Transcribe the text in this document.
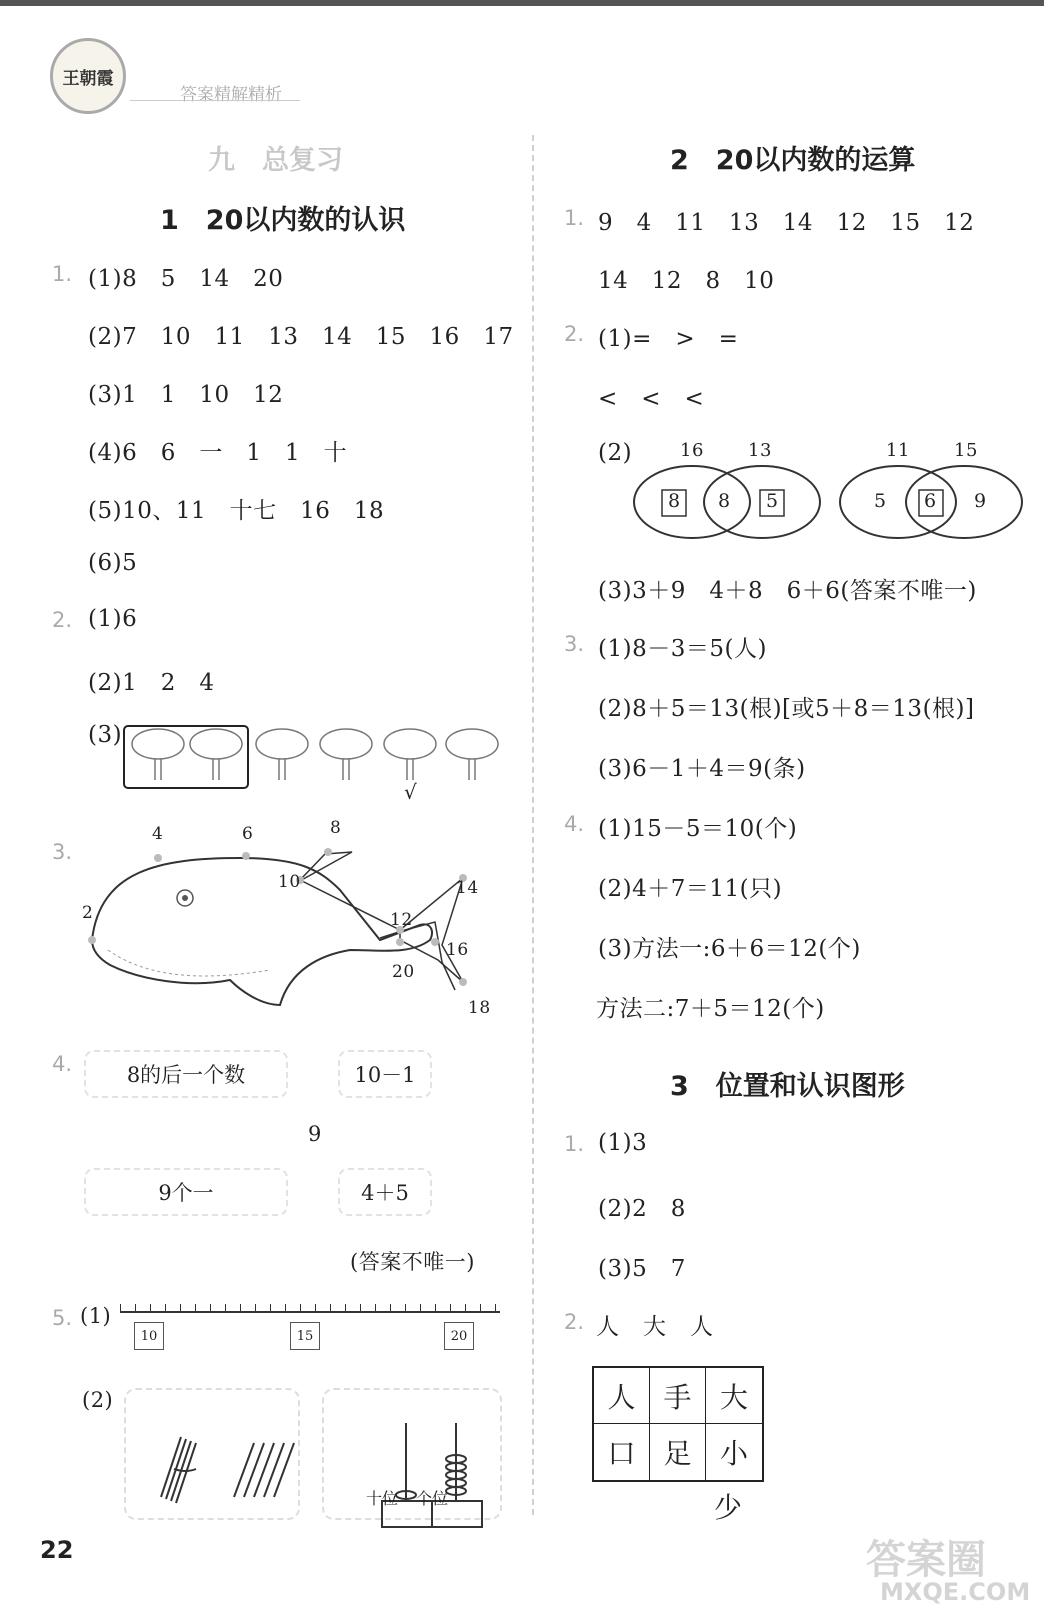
王朝霞
答案精解精析
九　总复习
1　20以内数的认识
1. (1)8　5　14　20
(2)7　10　11　13　14　15　16　17
(3)1　1　10　12
(4)6　6　一　1　1　十
(5)10、11　十七　16　18
(6)5
2. (1)6
(2)1　2　4
(3)
√
3.
2
4	6	8
10
12
14
16
18
20
4.	8的后一个数	10－1
9
9个一	4＋5
(答案不唯一)
5. (1)
10	15	20
(2)

十位

个位

2　20以内数的运算
1. 9　4　11　13　14　12　15　12
14　12　8　10
2. (1)=　>　=
<　<　<
(2)	16 13
8 8 5
11 15
5 6 9
(3)3＋9　4＋8　6＋6(答案不唯一)
3. (1)8－3＝5(人)
(2)8＋5＝13(根)[或5＋8＝13(根)]
(3)6－1＋4＝9(条)
4. (1)15－5＝10(个)
(2)4＋7＝11(只)
(3)方法一:6＋6＝12(个)
方法二:7＋5＝12(个)
3　位置和认识图形
1. (1)3
(2)2　8
(3)5　7
2. 人　大　人
人 手	大
口 足	小
少
22	答案圈
MXQE.COM
